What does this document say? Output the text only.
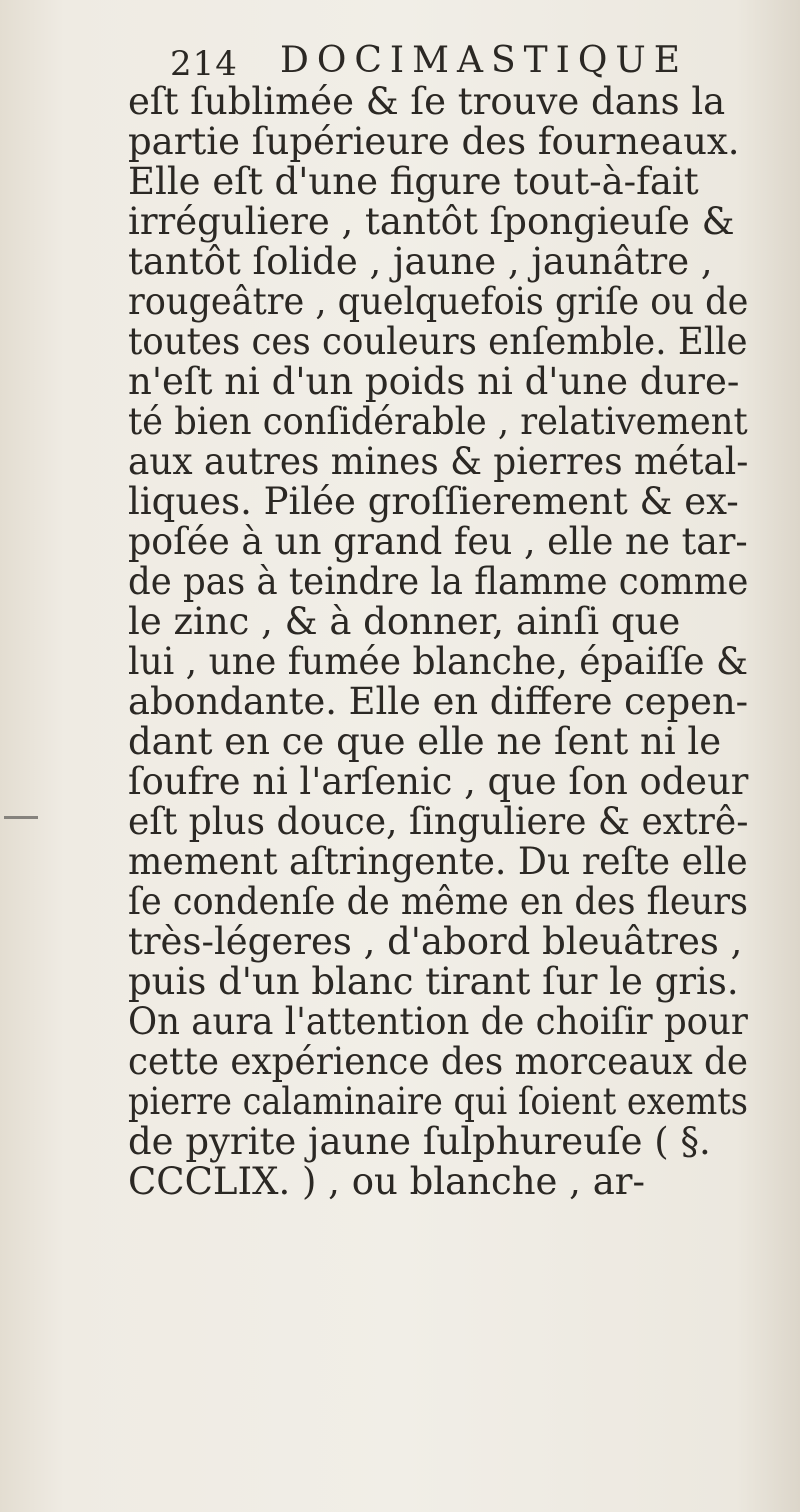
214 DOCIMASTIQUE
eſt ſublimée & ſe trouve dans la
partie ſupérieure des fourneaux.
Elle eſt d'une figure tout-à-fait
irréguliere , tantôt ſpongieuſe &
tantôt ſolide , jaune , jaunâtre ,
rougeâtre , quelquefois griſe ou de
toutes ces couleurs enſemble. Elle
n'eſt ni d'un poids ni d'une dure-
té bien conſidérable , relativement
aux autres mines & pierres métal-
liques. Pilée groſſierement & ex-
poſée à un grand feu , elle ne tar-
de pas à teindre la flamme comme
le zinc , & à donner, ainſi que
lui , une fumée blanche, épaiſſe &
abondante. Elle en differe cepen-
dant en ce que elle ne ſent ni le
ſoufre ni l'arſenic , que ſon odeur
eſt plus douce, ſinguliere & extrê-
mement aſtringente. Du reſte elle
ſe condenſe de même en des fleurs
très-légeres , d'abord bleuâtres ,
puis d'un blanc tirant ſur le gris.
On aura l'attention de choiſir pour
cette expérience des morceaux de
pierre calaminaire qui ſoient exemts
de pyrite jaune ſulphureuſe ( §.
CCCLIX. ) , ou blanche , ar-
